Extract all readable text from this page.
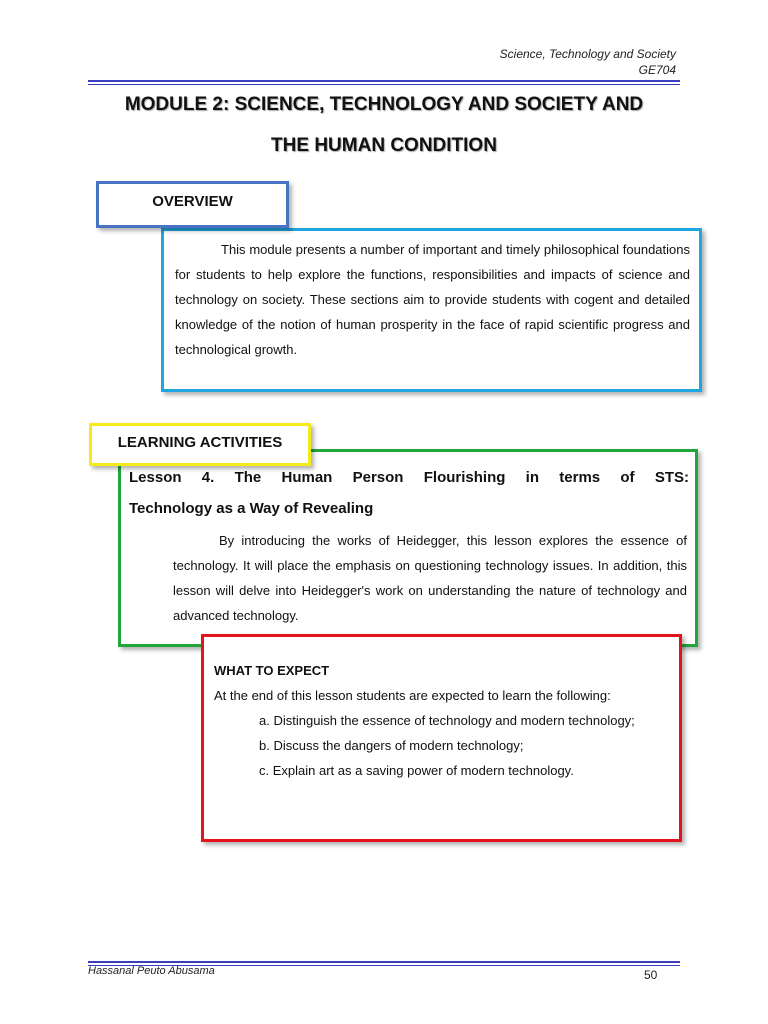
Science, Technology and Society
GE704
MODULE 2: SCIENCE, TECHNOLOGY AND SOCIETY AND
THE HUMAN CONDITION
This module presents a number of important and timely philosophical foundations for students to help explore the functions, responsibilities and impacts of science and technology on society. These sections aim to provide students with cogent and detailed knowledge of the notion of human prosperity in the face of rapid scientific progress and technological growth.
OVERVIEW
Lesson 4. The Human Person Flourishing in terms of STS:
Technology as a Way of Revealing
By introducing the works of Heidegger, this lesson explores the essence of technology. It will place the emphasis on questioning technology issues. In addition, this lesson will delve into Heidegger's work on understanding the nature of technology and advanced technology.
LEARNING ACTIVITIES
WHAT TO EXPECT
At the end of this lesson students are expected to learn the following:
a. Distinguish the essence of technology and modern technology;
b. Discuss the dangers of modern technology;
c. Explain art as a saving power of modern technology.
Hassanal Peuto Abusama	50
